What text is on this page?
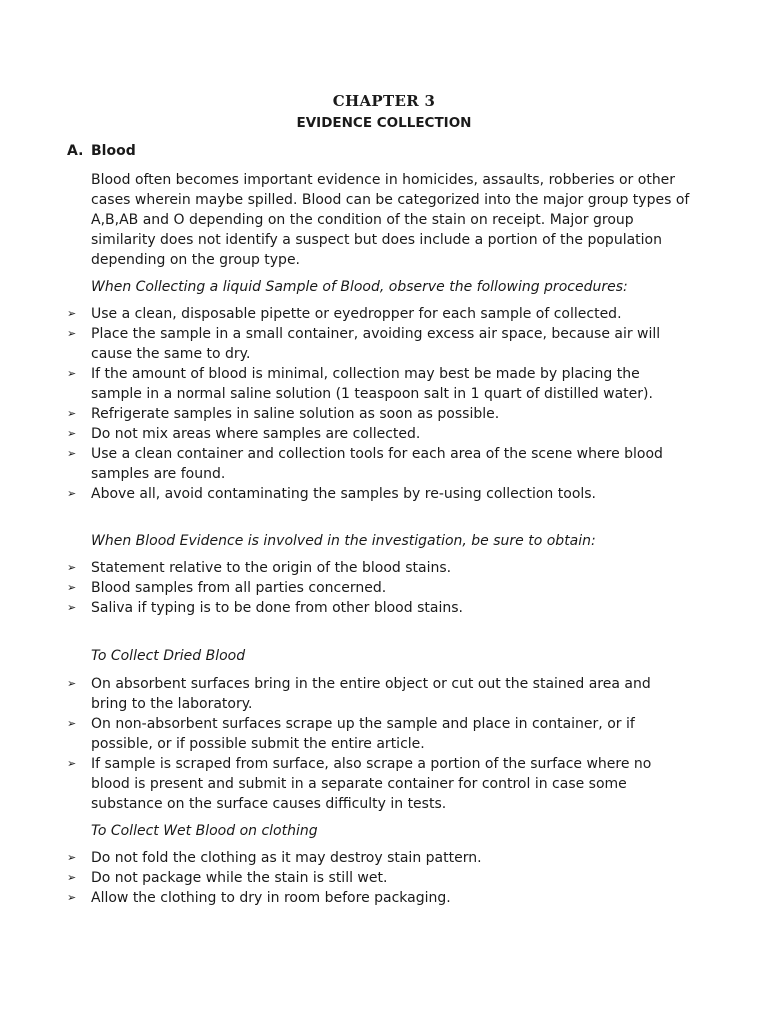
CHAPTER 3
EVIDENCE COLLECTION
A. Blood

Blood often becomes important evidence in homicides, assaults, robberies or other cases wherein maybe spilled. Blood can be categorized into the major group types of A,B,AB and O depending on the condition of the stain on receipt. Major group similarity does not identify a suspect but does include a portion of the population depending on the group type.

When Collecting a liquid Sample of Blood, observe the following procedures:

➢	Use a clean, disposable pipette or eyedropper for each sample of collected.
➢	Place the sample in a small container, avoiding excess air space, because air will cause the same to dry.
➢	If the amount of blood is minimal, collection may best be made by placing the sample in a normal saline solution (1 teaspoon salt in 1 quart of distilled water).
➢	Refrigerate samples in saline solution as soon as possible.
➢	Do not mix areas where samples are collected.
➢	Use a clean container and collection tools for each area of the scene where blood samples are found.
➢	Above all, avoid contaminating the samples by re-using collection tools.

When Blood Evidence is involved in the investigation, be sure to obtain:

➢	Statement relative to the origin of the blood stains.
➢	Blood samples from all parties concerned.
➢	Saliva if typing is to be done from other blood stains.

To Collect Dried Blood

➢	On absorbent surfaces bring in the entire object or cut out the stained area and bring to the laboratory.
➢	On non-absorbent surfaces scrape up the sample and place in container, or if possible, or if possible submit the entire article.
➢	If sample is scraped from surface, also scrape a portion of the surface where no blood is present and submit in a separate container for control in case some substance on the surface causes difficulty in tests.

To Collect Wet Blood on clothing

➢	Do not fold the clothing as it may destroy stain pattern.
➢	Do not package while the stain is still wet.
➢	Allow the clothing to dry in room before packaging.
